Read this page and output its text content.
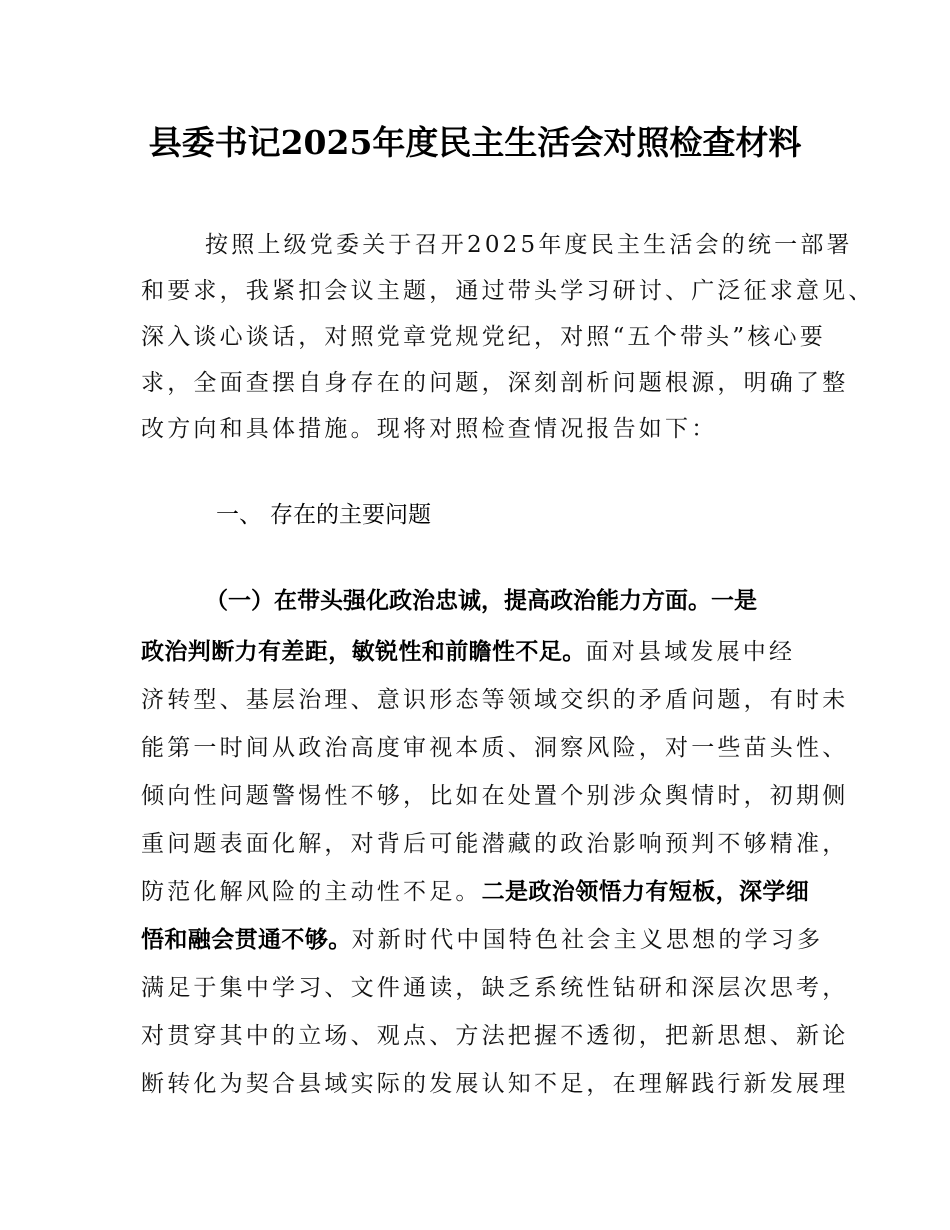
县委书记2025年度民主生活会对照检查材料
按照上级党委关于召开2025年度民主生活会的统一部署
和要求，我紧扣会议主题，通过带头学习研讨、广泛征求意见、
深入谈心谈话，对照党章党规党纪，对照“五个带头”核心要
求，全面查摆自身存在的问题，深刻剖析问题根源，明确了整
改方向和具体措施。现将对照检查情况报告如下：
一、 存在的主要问题
（一）在带头强化政治忠诚，提高政治能力方面。一是
政治判断力有差距，敏锐性和前瞻性不足。面对县域发展中经
济转型、基层治理、意识形态等领域交织的矛盾问题，有时未
能第一时间从政治高度审视本质、洞察风险，对一些苗头性、
倾向性问题警惕性不够，比如在处置个别涉众舆情时，初期侧
重问题表面化解，对背后可能潜藏的政治影响预判不够精准，
防范化解风险的主动性不足。二是政治领悟力有短板，深学细
悟和融会贯通不够。对新时代中国特色社会主义思想的学习多
满足于集中学习、文件通读，缺乏系统性钻研和深层次思考，
对贯穿其中的立场、观点、方法把握不透彻，把新思想、新论
断转化为契合县域实际的发展认知不足，在理解践行新发展理
